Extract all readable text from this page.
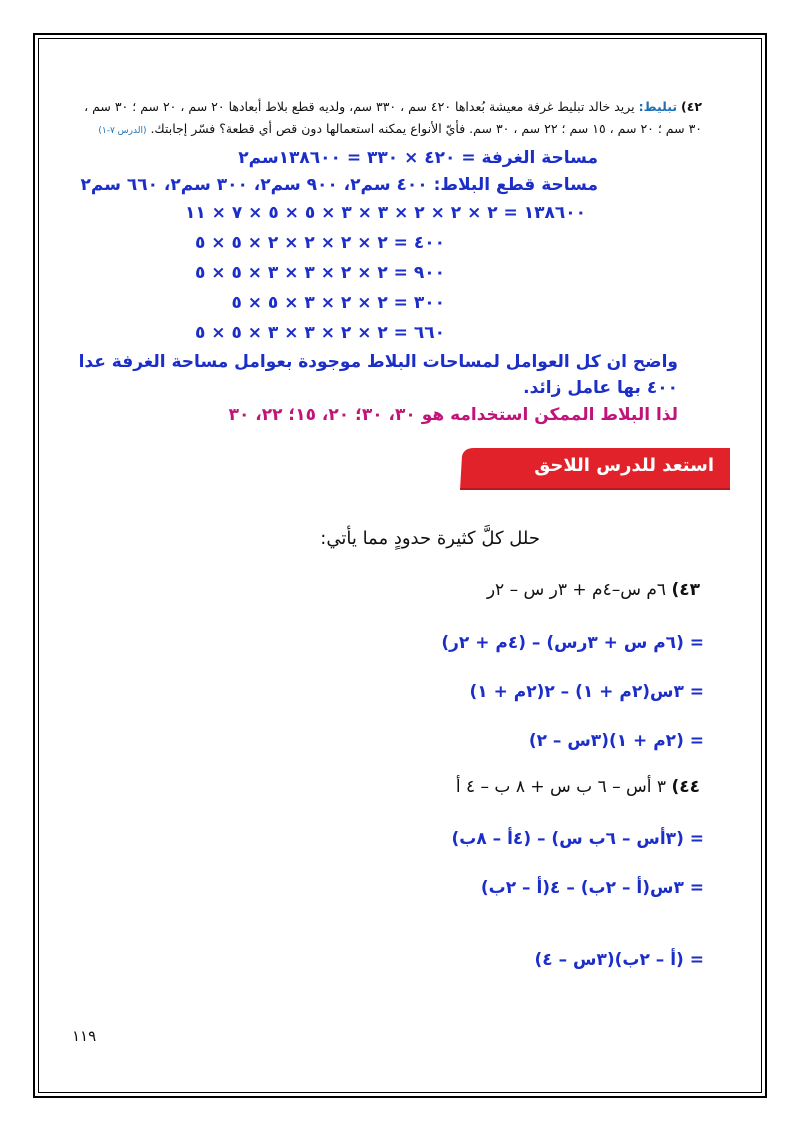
٤٢) تبليط: يريد خالد تبليط غرفة معيشة بُعداها ٤٢٠ سم ، ٣٣٠ سم، ولديه قطع بلاط أبعادها ٢٠ سم ، ٢٠ سم ؛ ٣٠ سم ، ٣٠ سم ؛ ٢٠ سم ، ١٥ سم ؛ ٢٢ سم ، ٣٠ سم. فأيّ الأنواع يمكنه استعمالها دون قص أي قطعة؟ فسّر إجابتك. (الدرس ٧-١)
مساحة الغرفة = ٤٢٠ × ٣٣٠ = ١٣٨٦٠٠سم٢
مساحة قطع البلاط: ٤٠٠ سم٢، ٩٠٠ سم٢، ٣٠٠ سم٢، ٦٦٠ سم٢
١٣٨٦٠٠ = ٢ × ٢ × ٢ × ٣ × ٣ × ٥ × ٥ × ٧ × ١١
٤٠٠ = ٢ × ٢ × ٢ × ٢ × ٥ × ٥
٩٠٠ = ٢ × ٢ × ٣ × ٣ × ٥ × ٥
٣٠٠ = ٢ × ٢ × ٣ × ٥ × ٥
٦٦٠ = ٢ × ٢ × ٣ × ٣ × ٥ × ٥
واضح ان كل العوامل لمساحات البلاط موجودة بعوامل مساحة الغرفة عدا
٤٠٠ بها عامل زائد.
لذا البلاط الممكن استخدامه هو ٣٠، ٣٠؛ ٢٠، ١٥؛ ٢٢، ٣٠
استعد للدرس اللاحق
حلل كلَّ كثيرة حدودٍ مما يأتي:
٤٣) ٦م س–٤م + ٣ر س – ٢ر
= (٦م س + ٣رس) – (٤م + ٢ر)
= ٣س(٢م + ١) – ٢(٢م + ١)
= (٢م + ١)(٣س – ٢)
٤٤) ٣ أس – ٦ ب س + ٨ ب – ٤ أ
= (٣أس – ٦ب س) – (٤أ – ٨ب)
= ٣س(أ – ٢ب) – ٤(أ – ٢ب)
= (أ – ٢ب)(٣س – ٤)
١١٩
